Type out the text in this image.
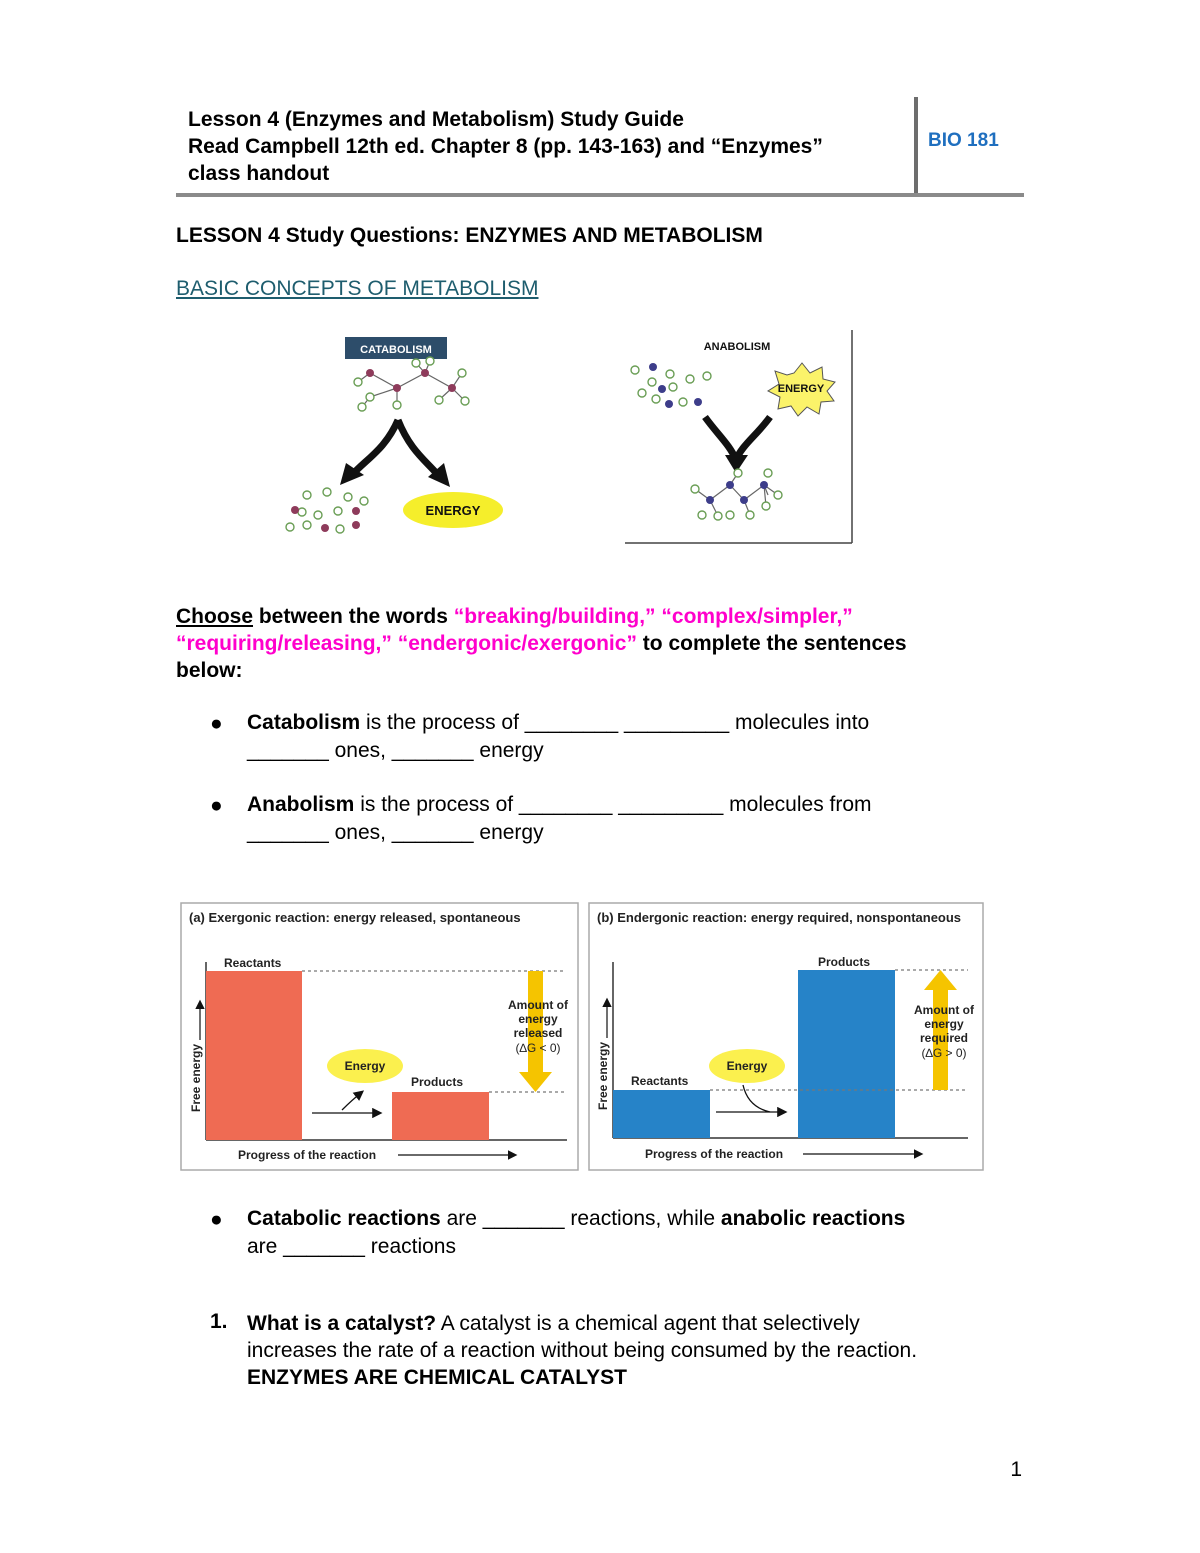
Lesson 4 (Enzymes and Metabolism) Study Guide
Read Campbell 12th ed. Chapter 8 (pp. 143-163) and “Enzymes”
class handout
BIO 181
LESSON 4 Study Questions: ENZYMES AND METABOLISM
BASIC CONCEPTS OF METABOLISM
CATABOLISM
ENERGY
ANABOLISM
ENERGY
Choose between the words “breaking/building,” “complex/simpler,”
“requiring/releasing,” “endergonic/exergonic” to complete the sentences
below:
● Catabolism is the process of ________ _________ molecules into
_______ ones, _______ energy
● Anabolism is the process of ________ _________ molecules from
_______ ones, _______ energy
(a) Exergonic reaction: energy released, spontaneous
Reactants
Products
Energy
Amount of
energy
released
(∆G < 0)
Free energy
Progress of the reaction
(b) Endergonic reaction: energy required, nonspontaneous
Reactants
Products
Energy
Amount of
energy
required
(∆G > 0)
Free energy
Progress of the reaction
● Catabolic reactions are _______ reactions, while anabolic reactions
are _______ reactions
1. What is a catalyst? A catalyst is a chemical agent that selectively
increases the rate of a reaction without being consumed by the reaction.
ENZYMES ARE CHEMICAL CATALYST
1
